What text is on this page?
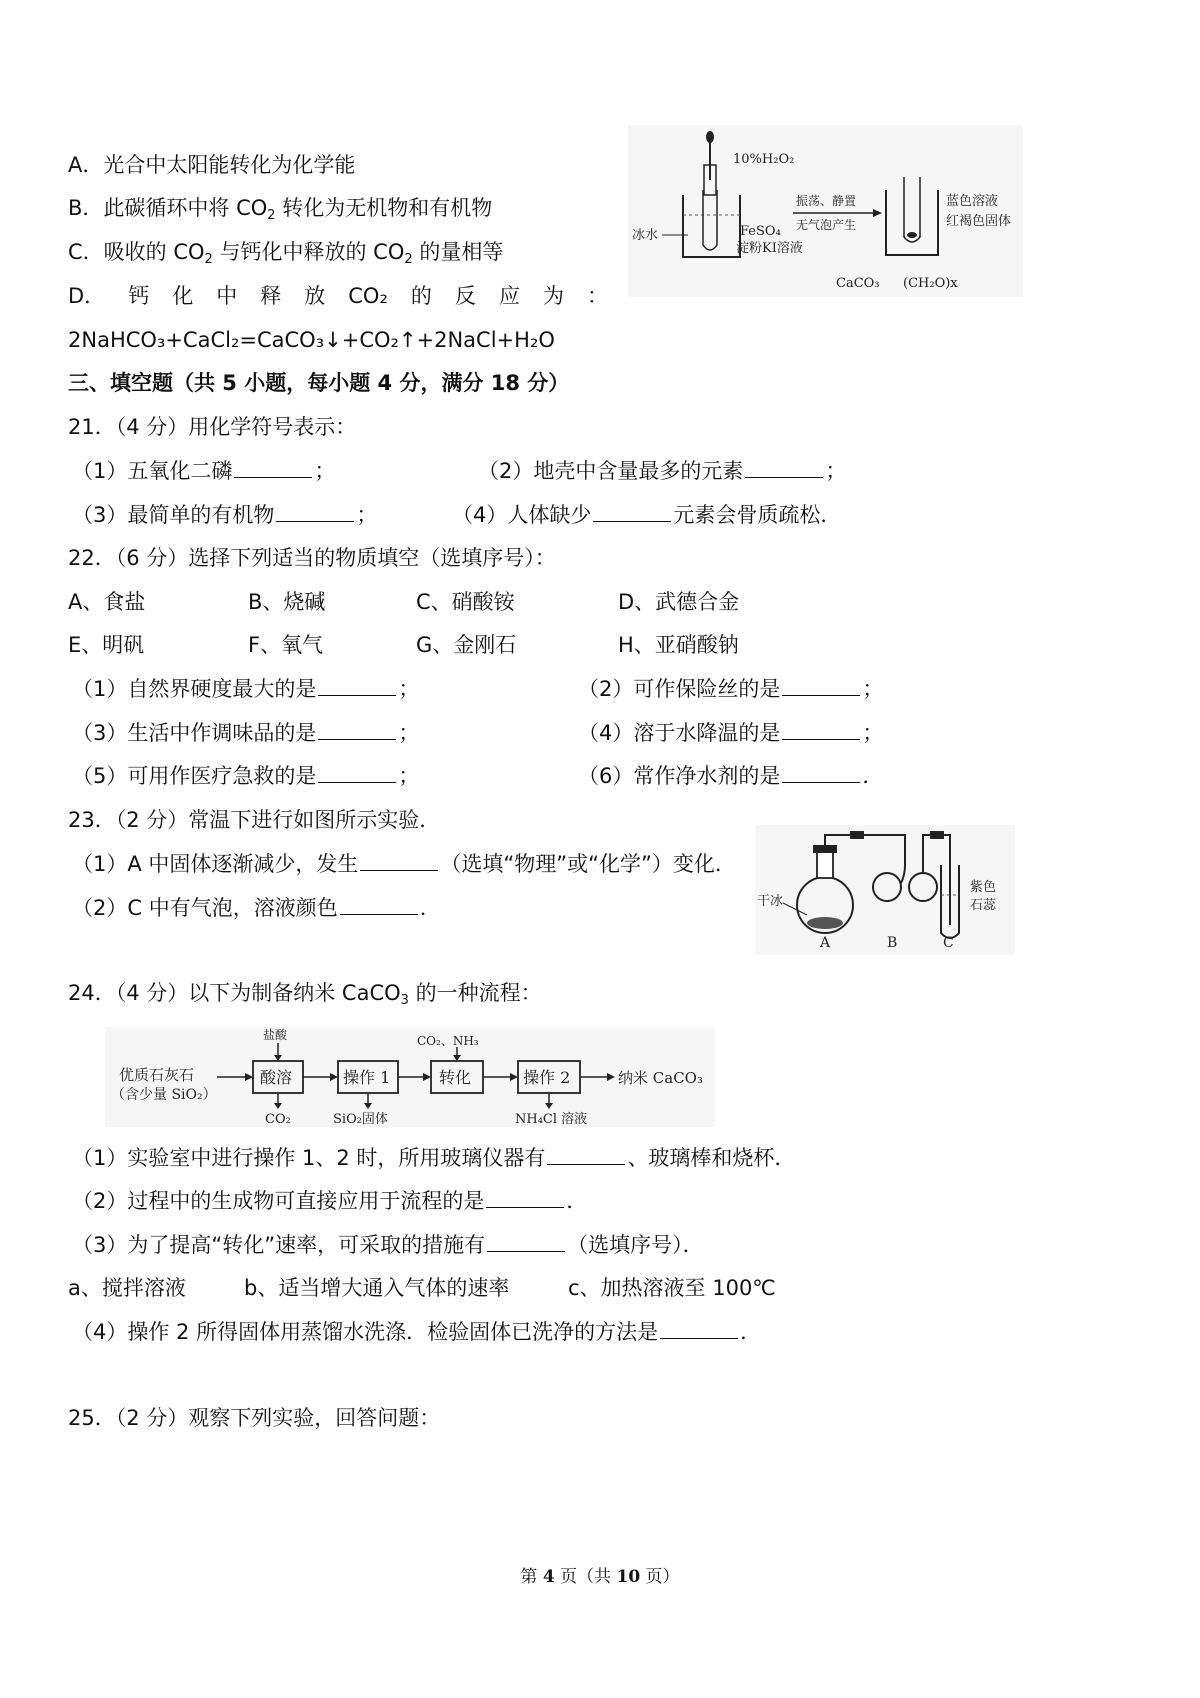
A．光合中太阳能转化为化学能
B．此碳循环中将 $CO_2$ 转化为无机物和有机物
C．吸收的 $CO_2$ 与钙化中释放的 $CO_2$ 的量相等
D． 钙 化 中 释 放 CO₂ 的 反 应 为 ：
2NaHCO₃+CaCl₂=CaCO₃↓+CO₂↑+2NaCl+H₂O
10%H₂O₂
冰水	FeSO₄
淀粉KI溶液
振荡、静置
无气泡产生
蓝色溶液
红褐色固体
CaCO₃ (CH₂O)x
三、填空题（共 5 小题，每小题 4 分，满分 18 分）
21．（4 分）用化学符号表示：
（1）五氧化二磷	；	（2）地壳中含量最多的元素	；
（3）最简单的有机物	；	（4）人体缺少	元素会骨质疏松．
22．（6 分）选择下列适当的物质填空（选填序号）：
A、食盐	B、烧碱	C、硝酸铵	D、武德合金
E、明矾	F、氧气	G、金刚石	H、亚硝酸钠
（1）自然界硬度最大的是	；	（2）可作保险丝的是	；
（3）生活中作调味品的是	；	（4）溶于水降温的是	；
（5）可用作医疗急救的是	；	（6）常作净水剂的是	．
23．（2 分）常温下进行如图所示实验．
（1）A 中固体逐渐减少，发生	（选填“物理”或“化学”）变化．
（2）C 中有气泡，溶液颜色	．	干冰
A	B	C
紫色
石蕊
24．（4 分）以下为制备纳米 CaCO$_3$ 的一种流程：
优质石灰石
（含少量 SiO₂）
酸溶
盐酸
CO₂
操作 1
SiO₂固体
转化
CO₂、NH₃
操作 2
NH₄Cl 溶液
纳米 CaCO₃
（1）实验室中进行操作 1、2 时，所用玻璃仪器有	、玻璃棒和烧杯．
（2）过程中的生成物可直接应用于流程的是	．
（3）为了提高“转化”速率，可采取的措施有	（选填序号）．
a、搅拌溶液	b、适当增大通入气体的速率	c、加热溶液至 100℃
（4）操作 2 所得固体用蒸馏水洗涤．检验固体已洗净的方法是	．
25．（2 分）观察下列实验，回答问题：
第 4 页（共 10 页）
